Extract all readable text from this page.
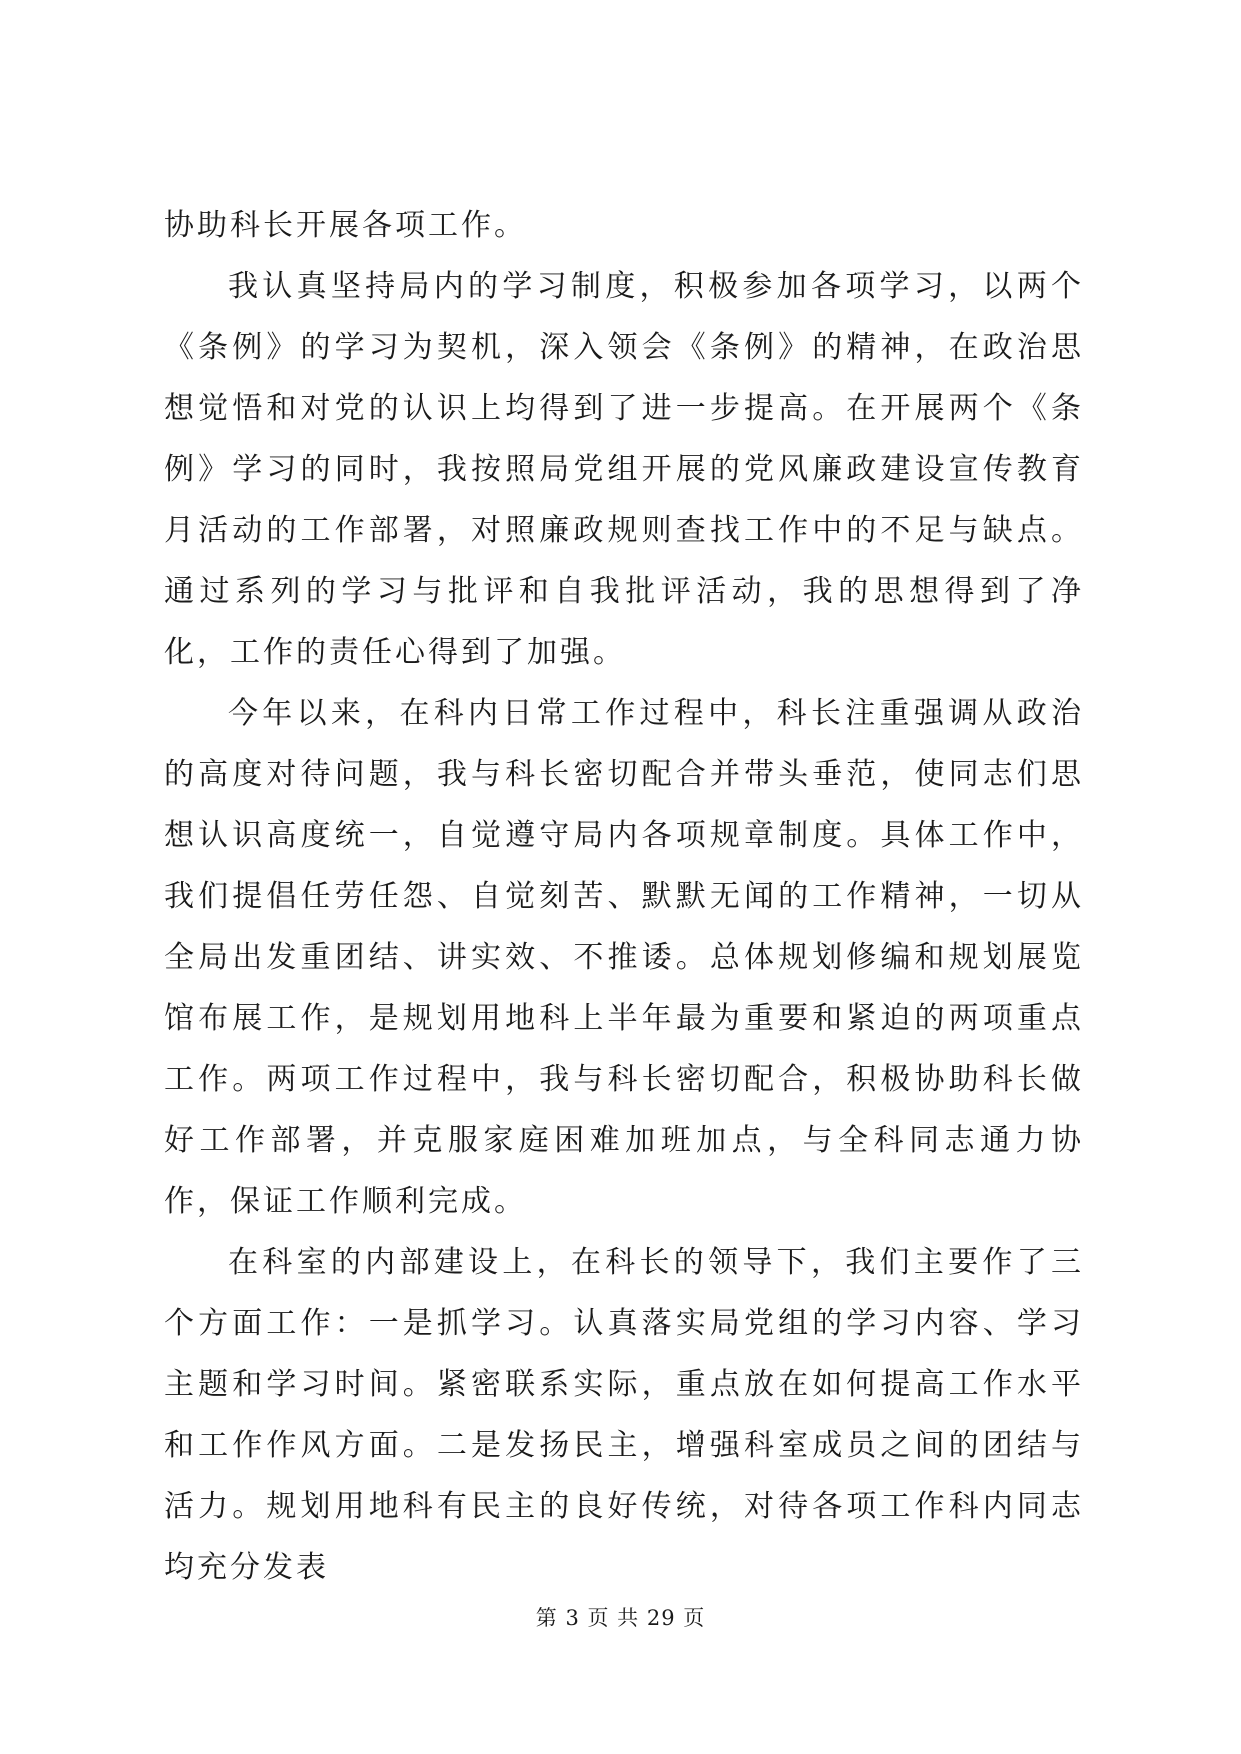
协助科长开展各项工作。

我认真坚持局内的学习制度，积极参加各项学习，以两个《条例》的学习为契机，深入领会《条例》的精神，在政治思想觉悟和对党的认识上均得到了进一步提高。在开展两个《条例》学习的同时，我按照局党组开展的党风廉政建设宣传教育月活动的工作部署，对照廉政规则查找工作中的不足与缺点。通过系列的学习与批评和自我批评活动，我的思想得到了净化，工作的责任心得到了加强。

今年以来，在科内日常工作过程中，科长注重强调从政治的高度对待问题，我与科长密切配合并带头垂范，使同志们思想认识高度统一，自觉遵守局内各项规章制度。具体工作中，我们提倡任劳任怨、自觉刻苦、默默无闻的工作精神，一切从全局出发重团结、讲实效、不推诿。总体规划修编和规划展览馆布展工作，是规划用地科上半年最为重要和紧迫的两项重点工作。两项工作过程中，我与科长密切配合，积极协助科长做好工作部署，并克服家庭困难加班加点，与全科同志通力协作，保证工作顺利完成。

在科室的内部建设上，在科长的领导下，我们主要作了三个方面工作：一是抓学习。认真落实局党组的学习内容、学习主题和学习时间。紧密联系实际，重点放在如何提高工作水平和工作作风方面。二是发扬民主，增强科室成员之间的团结与活力。规划用地科有民主的良好传统，对待各项工作科内同志均充分发表

第 3 页 共 29 页
